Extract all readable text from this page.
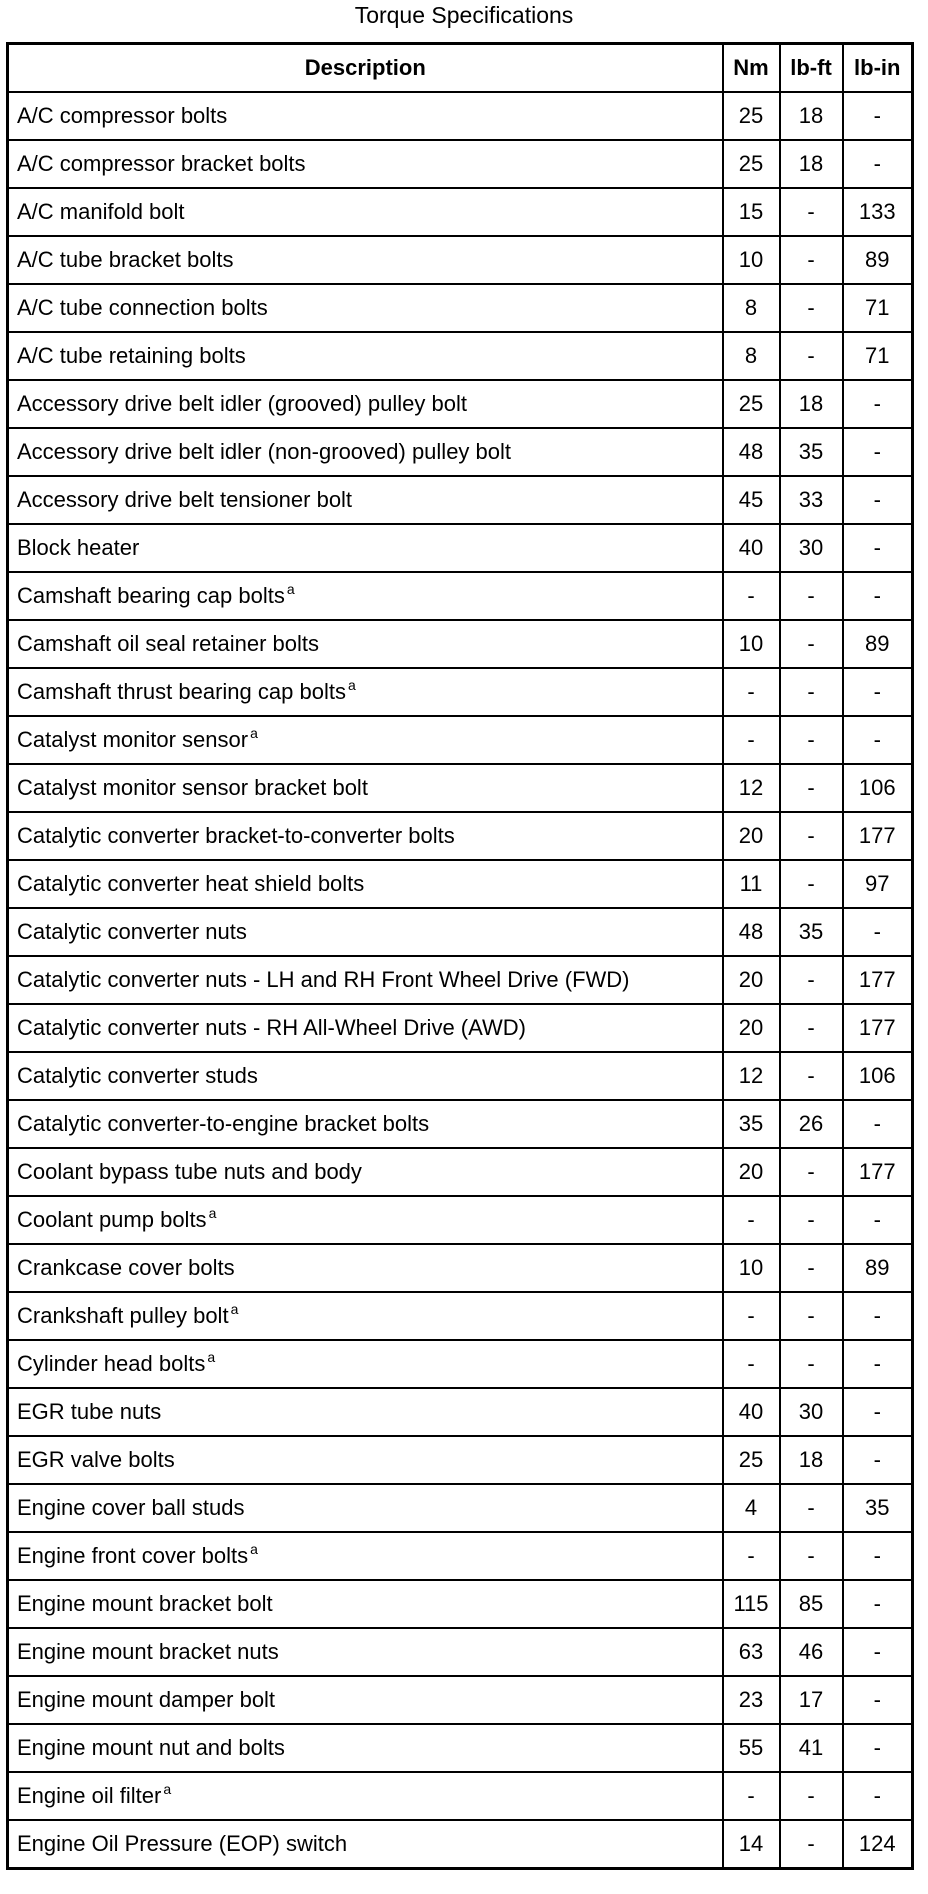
Torque Specifications
Description	Nm	lb-ft	lb-in
A/C compressor bolts	25	18	-
A/C compressor bracket bolts	25	18	-
A/C manifold bolt	15	-	133
A/C tube bracket bolts	10	-	89
A/C tube connection bolts	8	-	71
A/C tube retaining bolts	8	-	71
Accessory drive belt idler (grooved) pulley bolt	25	18	-
Accessory drive belt idler (non-grooved) pulley bolt	48	35	-
Accessory drive belt tensioner bolt	45	33	-
Block heater	40	30	-
Camshaft bearing cap bolts $^a$	-	-	-
Camshaft oil seal retainer bolts	10	-	89
Camshaft thrust bearing cap bolts $^a$	-	-	-
Catalyst monitor sensor $^a$	-	-	-
Catalyst monitor sensor bracket bolt	12	-	106
Catalytic converter bracket-to-converter bolts	20	-	177
Catalytic converter heat shield bolts	11	-	97
Catalytic converter nuts	48	35	-
Catalytic converter nuts - LH and RH Front Wheel Drive (FWD)	20	-	177
Catalytic converter nuts - RH All-Wheel Drive (AWD)	20	-	177
Catalytic converter studs	12	-	106
Catalytic converter-to-engine bracket bolts	35	26	-
Coolant bypass tube nuts and body	20	-	177
Coolant pump bolts $^a$	-	-	-
Crankcase cover bolts	10	-	89
Crankshaft pulley bolt $^a$	-	-	-
Cylinder head bolts $^a$	-	-	-
EGR tube nuts	40	30	-
EGR valve bolts	25	18	-
Engine cover ball studs	4	-	35
Engine front cover bolts $^a$	-	-	-
Engine mount bracket bolt	115	85	-
Engine mount bracket nuts	63	46	-
Engine mount damper bolt	23	17	-
Engine mount nut and bolts	55	41	-
Engine oil filter $^a$	-	-	-
Engine Oil Pressure (EOP) switch	14	-	124
